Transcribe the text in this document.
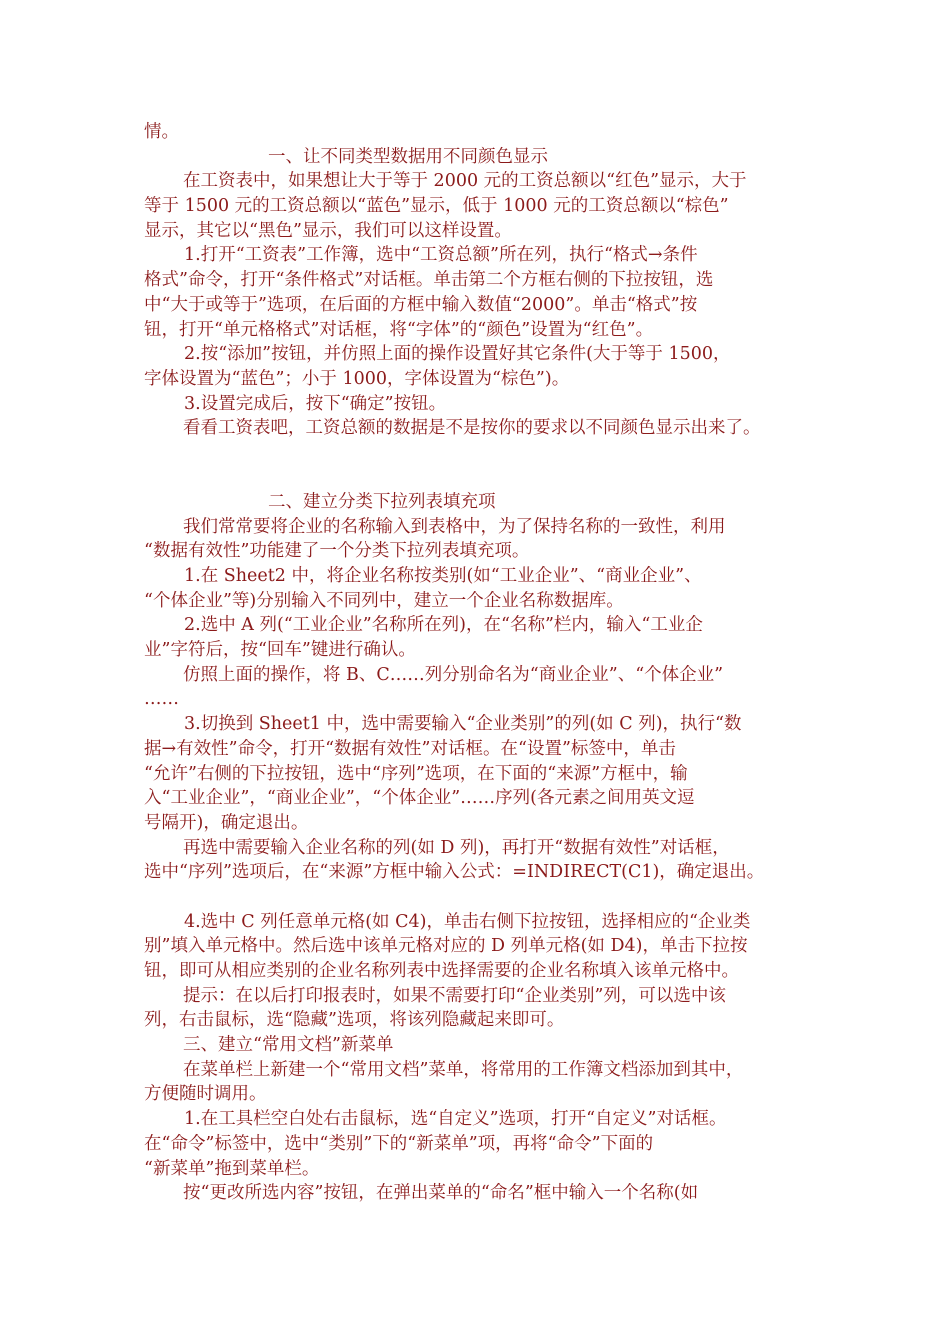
情。
一、让不同类型数据用不同颜色显示
在工资表中，如果想让大于等于 2000 元的工资总额以“红色”显示，大于
等于 1500 元的工资总额以“蓝色”显示，低于 1000 元的工资总额以“棕色”
显示，其它以“黑色”显示，我们可以这样设置。
1.打开“工资表”工作簿，选中“工资总额”所在列，执行“格式→条件
格式”命令，打开“条件格式”对话框。单击第二个方框右侧的下拉按钮，选
中“大于或等于”选项，在后面的方框中输入数值“2000”。单击“格式”按
钮，打开“单元格格式”对话框，将“字体”的“颜色”设置为“红色”。
2.按“添加”按钮，并仿照上面的操作设置好其它条件(大于等于 1500，
字体设置为“蓝色”；小于 1000，字体设置为“棕色”)。
3.设置完成后，按下“确定”按钮。
看看工资表吧，工资总额的数据是不是按你的要求以不同颜色显示出来了。
二、建立分类下拉列表填充项
我们常常要将企业的名称输入到表格中，为了保持名称的一致性，利用
“数据有效性”功能建了一个分类下拉列表填充项。
1.在 Sheet2 中，将企业名称按类别(如“工业企业”、“商业企业”、
“个体企业”等)分别输入不同列中，建立一个企业名称数据库。
2.选中 A 列(“工业企业”名称所在列)，在“名称”栏内，输入“工业企
业”字符后，按“回车”键进行确认。
仿照上面的操作，将 B、C……列分别命名为“商业企业”、“个体企业”
……
3.切换到 Sheet1 中，选中需要输入“企业类别”的列(如 C 列)，执行“数
据→有效性”命令，打开“数据有效性”对话框。在“设置”标签中，单击
“允许”右侧的下拉按钮，选中“序列”选项，在下面的“来源”方框中，输
入“工业企业”，“商业企业”，“个体企业”……序列(各元素之间用英文逗
号隔开)，确定退出。
再选中需要输入企业名称的列(如 D 列)，再打开“数据有效性”对话框，
选中“序列”选项后，在“来源”方框中输入公式：=INDIRECT(C1)，确定退出。
4.选中 C 列任意单元格(如 C4)，单击右侧下拉按钮，选择相应的“企业类
别”填入单元格中。然后选中该单元格对应的 D 列单元格(如 D4)，单击下拉按
钮，即可从相应类别的企业名称列表中选择需要的企业名称填入该单元格中。
提示：在以后打印报表时，如果不需要打印“企业类别”列，可以选中该
列，右击鼠标，选“隐藏”选项，将该列隐藏起来即可。
三、建立“常用文档”新菜单
在菜单栏上新建一个“常用文档”菜单，将常用的工作簿文档添加到其中，
方便随时调用。
1.在工具栏空白处右击鼠标，选“自定义”选项，打开“自定义”对话框。
在“命令”标签中，选中“类别”下的“新菜单”项，再将“命令”下面的
“新菜单”拖到菜单栏。
按“更改所选内容”按钮，在弹出菜单的“命名”框中输入一个名称(如
